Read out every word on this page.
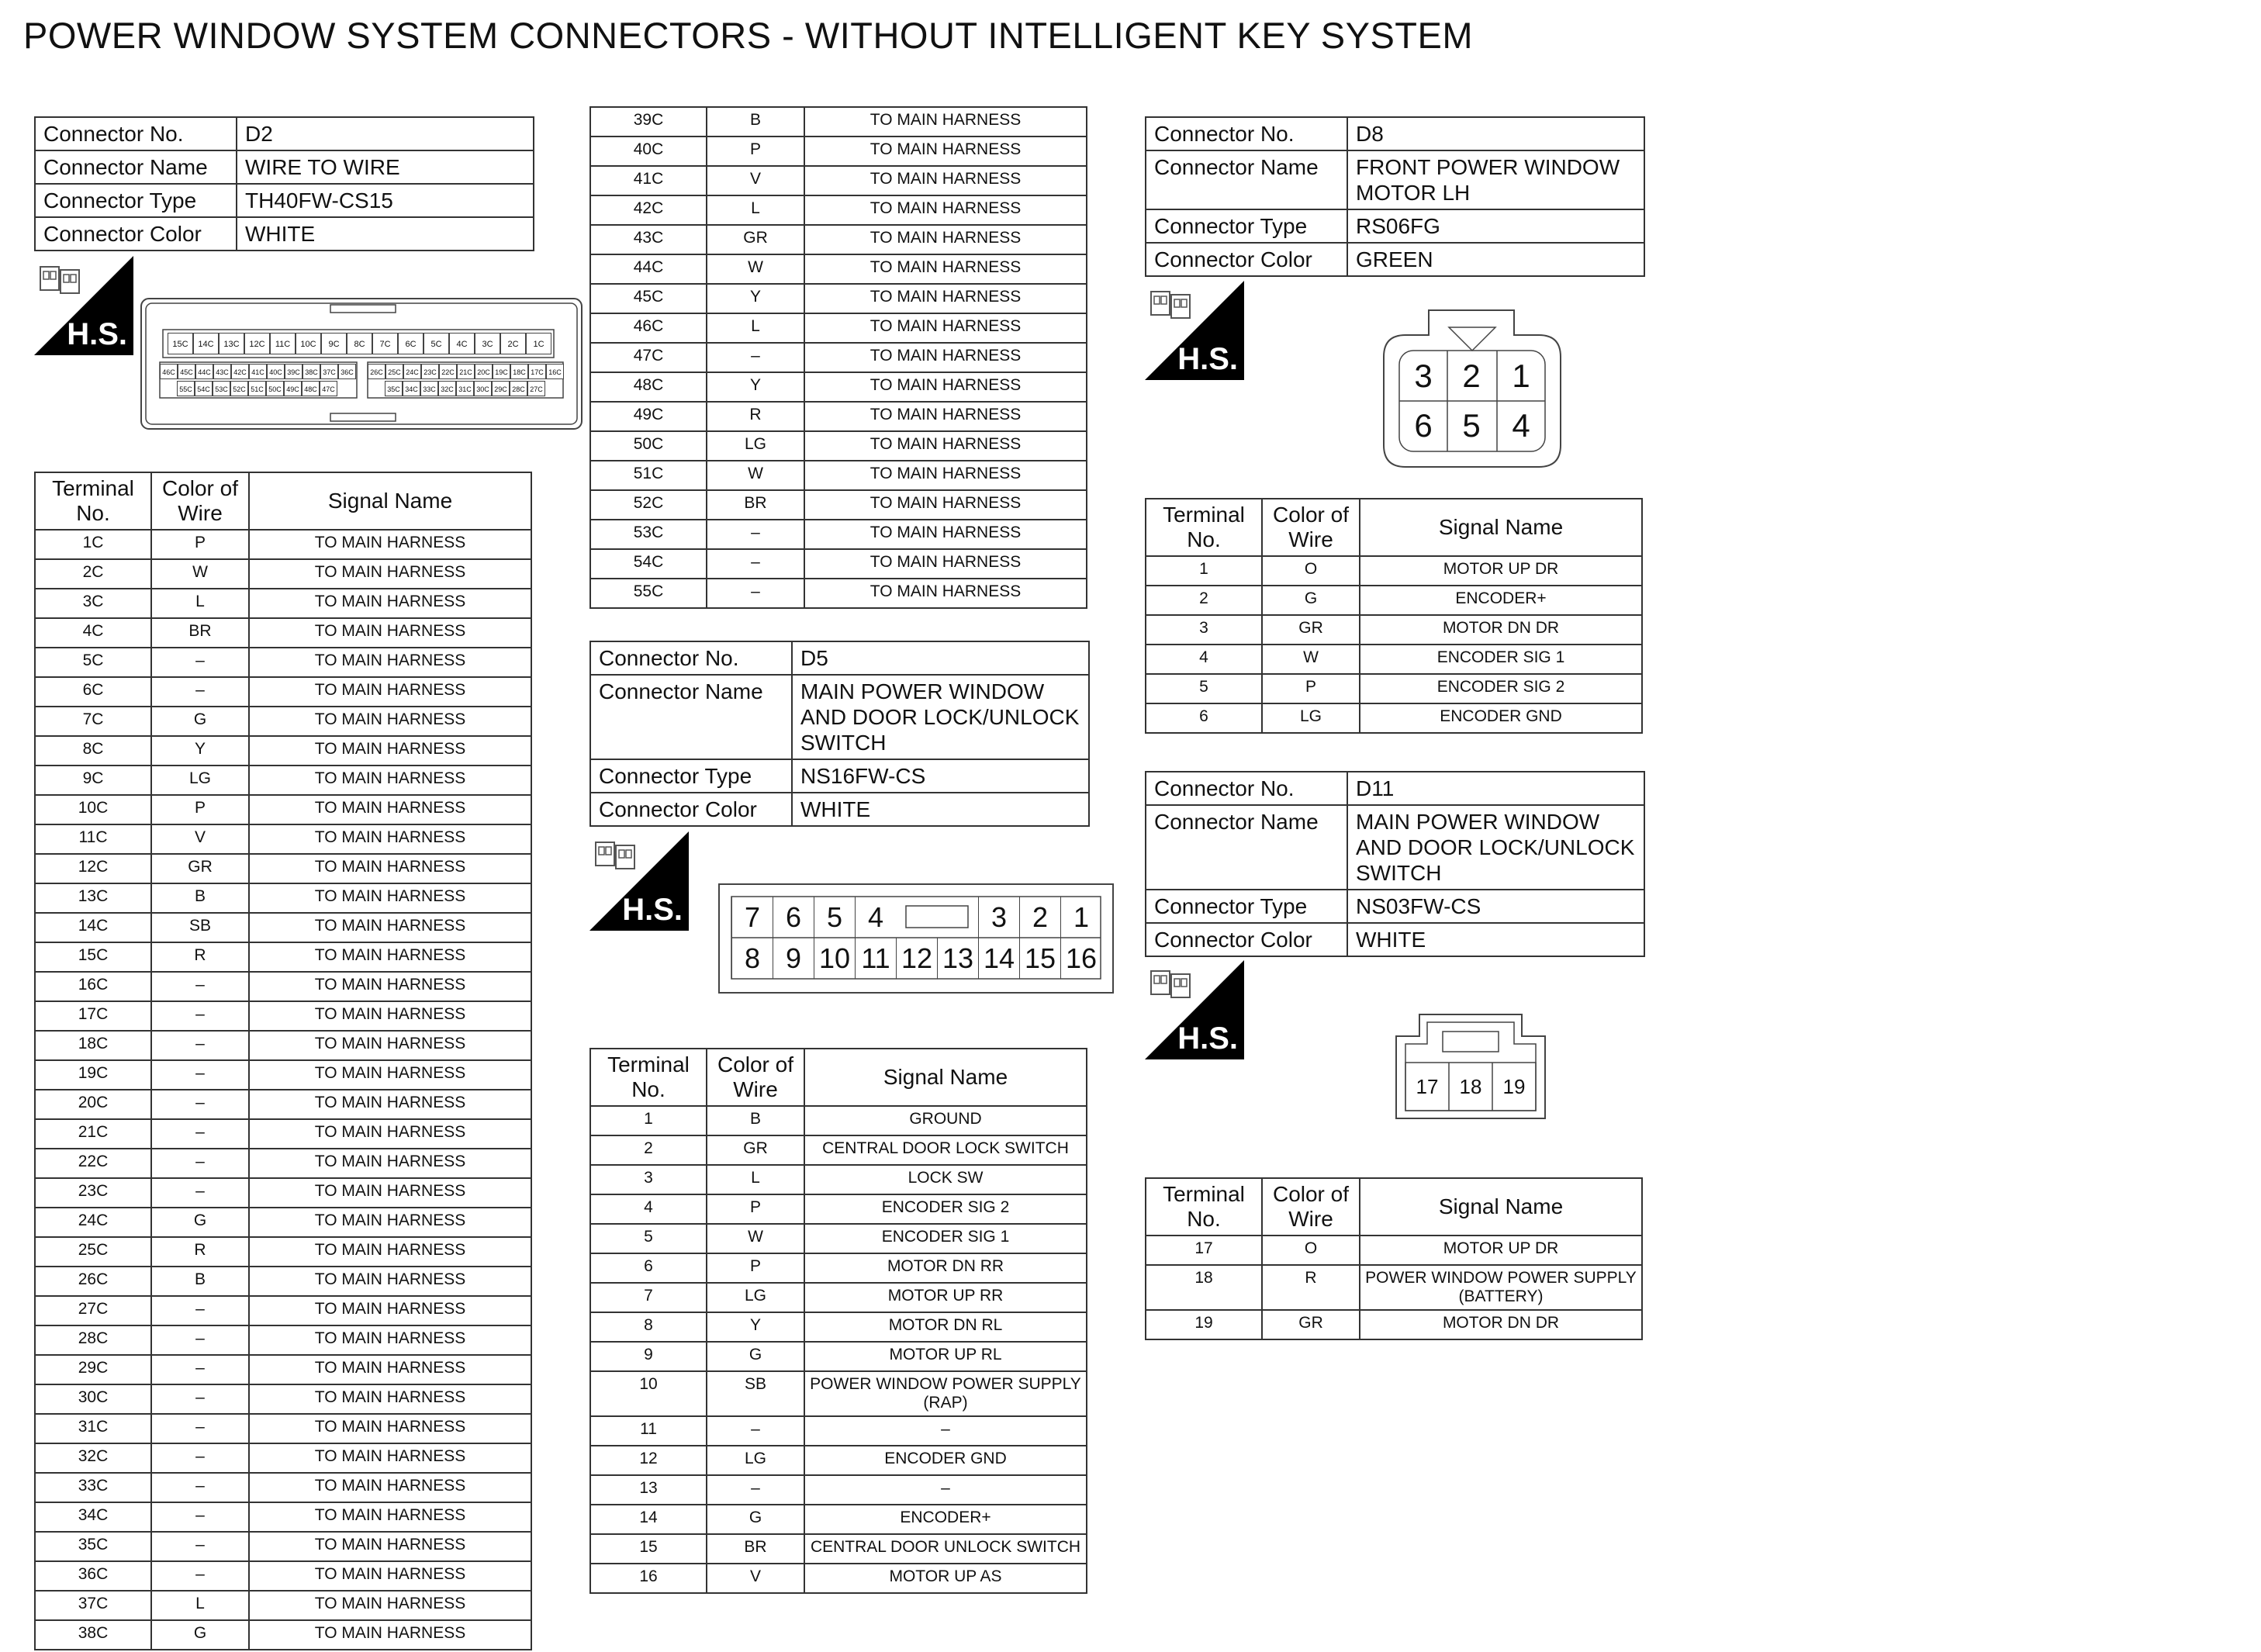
POWER WINDOW SYSTEM CONNECTORS - WITHOUT INTELLIGENT KEY SYSTEM
Connector No.	D2
Connector Name	WIRE TO WIRE
Connector Type	TH40FW-CS15
Connector Color	WHITE
H.S.	15C	14C	13C	12C	11C	10C	9C	8C	7C	6C	5C	4C	3C	2C	1C
46C 45C 44C 43C 42C 41C 40C 39C 38C 37C 36C	26C 25C 24C 23C 22C 21C 20C 19C 18C 17C 16C
55C 54C 53C 52C 51C 50C 49C 48C 47C	35C 34C 33C 32C 31C 30C 29C 28C 27C
Terminal No.	Color of Wire	Signal Name
1C	P	TO MAIN HARNESS
2C	W	TO MAIN HARNESS
3C	L	TO MAIN HARNESS
4C	BR	TO MAIN HARNESS
5C	–	TO MAIN HARNESS
6C	–	TO MAIN HARNESS
7C	G	TO MAIN HARNESS
8C	Y	TO MAIN HARNESS
9C	LG	TO MAIN HARNESS
10C	P	TO MAIN HARNESS
11C	V	TO MAIN HARNESS
12C	GR	TO MAIN HARNESS
13C	B	TO MAIN HARNESS
14C	SB	TO MAIN HARNESS
15C	R	TO MAIN HARNESS
16C	–	TO MAIN HARNESS
17C	–	TO MAIN HARNESS
18C	–	TO MAIN HARNESS
19C	–	TO MAIN HARNESS
20C	–	TO MAIN HARNESS
21C	–	TO MAIN HARNESS
22C	–	TO MAIN HARNESS
23C	–	TO MAIN HARNESS
24C	G	TO MAIN HARNESS
25C	R	TO MAIN HARNESS
26C	B	TO MAIN HARNESS
27C	–	TO MAIN HARNESS
28C	–	TO MAIN HARNESS
29C	–	TO MAIN HARNESS
30C	–	TO MAIN HARNESS
31C	–	TO MAIN HARNESS
32C	–	TO MAIN HARNESS
33C	–	TO MAIN HARNESS
34C	–	TO MAIN HARNESS
35C	–	TO MAIN HARNESS
36C	–	TO MAIN HARNESS
37C	L	TO MAIN HARNESS
38C	G	TO MAIN HARNESS
39C	B	TO MAIN HARNESS
40C	P	TO MAIN HARNESS
41C	V	TO MAIN HARNESS
42C	L	TO MAIN HARNESS
43C	GR	TO MAIN HARNESS
44C	W	TO MAIN HARNESS
45C	Y	TO MAIN HARNESS
46C	L	TO MAIN HARNESS
47C	–	TO MAIN HARNESS
48C	Y	TO MAIN HARNESS
49C	R	TO MAIN HARNESS
50C	LG	TO MAIN HARNESS
51C	W	TO MAIN HARNESS
52C	BR	TO MAIN HARNESS
53C	–	TO MAIN HARNESS
54C	–	TO MAIN HARNESS
55C	–	TO MAIN HARNESS
Connector No.	D5
Connector Name	MAIN POWER WINDOW AND DOOR LOCK/UNLOCK SWITCH
Connector Type	NS16FW-CS
Connector Color	WHITE
H.S.	7 6 5 4	3 2 1
8 9 10 11 12 13 14 15 16
Terminal No.	Color of Wire	Signal Name
1	B	GROUND
2	GR	CENTRAL DOOR LOCK SWITCH
3	L	LOCK SW
4	P	ENCODER SIG 2
5	W	ENCODER SIG 1
6	P	MOTOR DN RR
7	LG	MOTOR UP RR
8	Y	MOTOR DN RL
9	G	MOTOR UP RL
10	SB	POWER WINDOW POWER SUPPLY (RAP)
11	–	–
12	LG	ENCODER GND
13	–	–
14	G	ENCODER+
15	BR	CENTRAL DOOR UNLOCK SWITCH
16	V	MOTOR UP AS
Connector No.	D8
Connector Name	FRONT POWER WINDOW MOTOR LH
Connector Type	RS06FG
Connector Color	GREEN
H.S.	3 2 1
6 5 4
Terminal No.	Color of Wire	Signal Name
1	O	MOTOR UP DR
2	G	ENCODER+
3	GR	MOTOR DN DR
4	W	ENCODER SIG 1
5	P	ENCODER SIG 2
6	LG	ENCODER GND
Connector No.	D11
Connector Name	MAIN POWER WINDOW AND DOOR LOCK/UNLOCK SWITCH
Connector Type	NS03FW-CS
Connector Color	WHITE
H.S.
17	18	19
Terminal No.	Color of Wire	Signal Name
17	O	MOTOR UP DR
18	R	POWER WINDOW POWER SUPPLY (BATTERY)
19	GR	MOTOR DN DR
